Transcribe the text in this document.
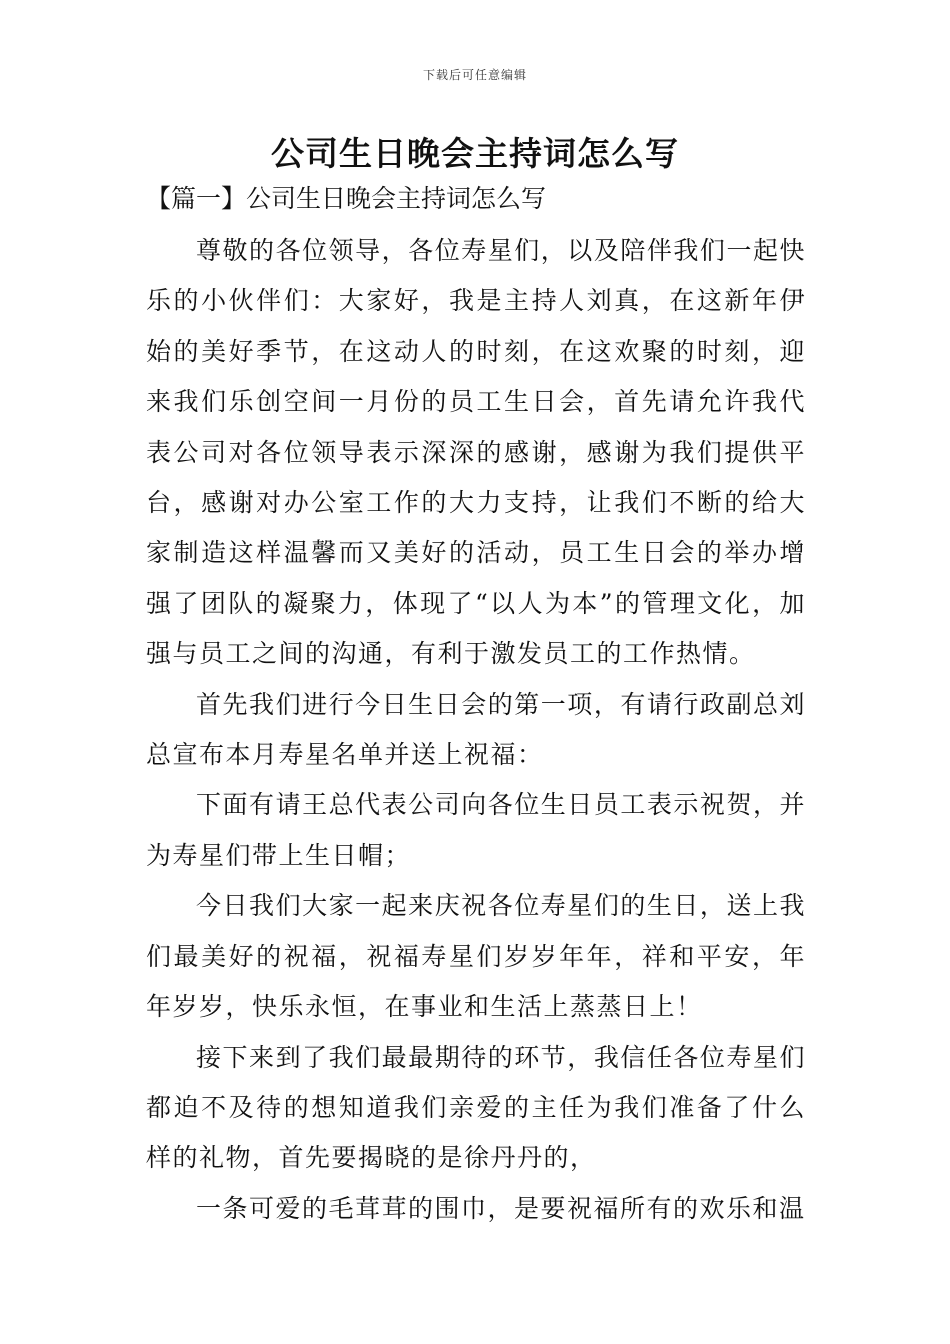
下载后可任意编辑
公司生日晚会主持词怎么写
【篇一】公司生日晚会主持词怎么写

尊敬的各位领导，各位寿星们，以及陪伴我们一起快乐的小伙伴们：大家好，我是主持人刘真，在这新年伊始的美好季节，在这动人的时刻，在这欢聚的时刻，迎来我们乐创空间一月份的员工生日会，首先请允许我代表公司对各位领导表示深深的感谢，感谢为我们提供平台，感谢对办公室工作的大力支持，让我们不断的给大家制造这样温馨而又美好的活动，员工生日会的举办增强了团队的凝聚力，体现了“以人为本”的管理文化，加强与员工之间的沟通，有利于激发员工的工作热情。

首先我们进行今日生日会的第一项，有请行政副总刘总宣布本月寿星名单并送上祝福：

下面有请王总代表公司向各位生日员工表示祝贺，并为寿星们带上生日帽；

今日我们大家一起来庆祝各位寿星们的生日，送上我们最美好的祝福，祝福寿星们岁岁年年，祥和平安，年年岁岁，快乐永恒，在事业和生活上蒸蒸日上！

接下来到了我们最最期待的环节，我信任各位寿星们都迫不及待的想知道我们亲爱的主任为我们准备了什么样的礼物，首先要揭晓的是徐丹丹的，

一条可爱的毛茸茸的围巾，是要祝福所有的欢乐和温
